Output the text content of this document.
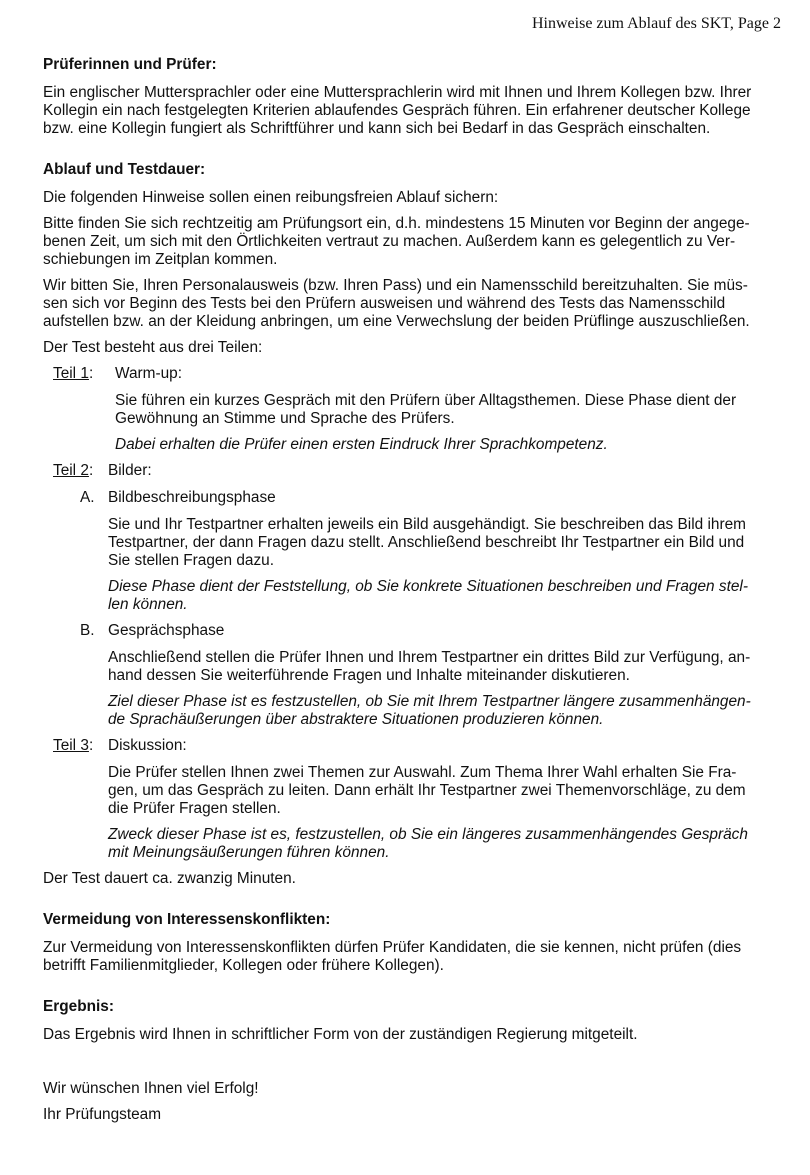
Hinweise zum Ablauf des SKT, Page 2
Prüferinnen und Prüfer:
Ein englischer Muttersprachler oder eine Muttersprachlerin wird mit Ihnen und Ihrem Kollegen bzw. Ihrer
Kollegin ein nach festgelegten Kriterien ablaufendes Gespräch führen. Ein erfahrener deutscher Kollege
bzw. eine Kollegin fungiert als Schriftführer und kann sich bei Bedarf in das Gespräch einschalten.
Ablauf und Testdauer:
Die folgenden Hinweise sollen einen reibungsfreien Ablauf sichern:
Bitte finden Sie sich rechtzeitig am Prüfungsort ein, d.h. mindestens 15 Minuten vor Beginn der angege-
benen Zeit, um sich mit den Örtlichkeiten vertraut zu machen. Außerdem kann es gelegentlich zu Ver-
schiebungen im Zeitplan kommen.
Wir bitten Sie, Ihren Personalausweis (bzw. Ihren Pass) und ein Namensschild bereitzuhalten. Sie müs-
sen sich vor Beginn des Tests bei den Prüfern ausweisen und während des Tests das Namensschild
aufstellen bzw. an der Kleidung anbringen, um eine Verwechslung der beiden Prüflinge auszuschließen.
Der Test besteht aus drei Teilen:
Teil 1:	Warm-up:
Sie führen ein kurzes Gespräch mit den Prüfern über Alltagsthemen. Diese Phase dient der
Gewöhnung an Stimme und Sprache des Prüfers.
Dabei erhalten die Prüfer einen ersten Eindruck Ihrer Sprachkompetenz.
Teil 2: Bilder:
A. Bildbeschreibungsphase
Sie und Ihr Testpartner erhalten jeweils ein Bild ausgehändigt. Sie beschreiben das Bild ihrem
Testpartner, der dann Fragen dazu stellt. Anschließend beschreibt Ihr Testpartner ein Bild und
Sie stellen Fragen dazu.
Diese Phase dient der Feststellung, ob Sie konkrete Situationen beschreiben und Fragen stel-
len können.
B. Gesprächsphase
Anschließend stellen die Prüfer Ihnen und Ihrem Testpartner ein drittes Bild zur Verfügung, an-
hand dessen Sie weiterführende Fragen und Inhalte miteinander diskutieren.
Ziel dieser Phase ist es festzustellen, ob Sie mit Ihrem Testpartner längere zusammenhängen-
de Sprachäußerungen über abstraktere Situationen produzieren können.
Teil 3: Diskussion:
Die Prüfer stellen Ihnen zwei Themen zur Auswahl. Zum Thema Ihrer Wahl erhalten Sie Fra-
gen, um das Gespräch zu leiten. Dann erhält Ihr Testpartner zwei Themenvorschläge, zu dem
die Prüfer Fragen stellen.
Zweck dieser Phase ist es, festzustellen, ob Sie ein längeres zusammenhängendes Gespräch
mit Meinungsäußerungen führen können.
Der Test dauert ca. zwanzig Minuten.
Vermeidung von Interessenskonflikten:
Zur Vermeidung von Interessenskonflikten dürfen Prüfer Kandidaten, die sie kennen, nicht prüfen (dies
betrifft Familienmitglieder, Kollegen oder frühere Kollegen).
Ergebnis:
Das Ergebnis wird Ihnen in schriftlicher Form von der zuständigen Regierung mitgeteilt.
Wir wünschen Ihnen viel Erfolg!
Ihr Prüfungsteam
